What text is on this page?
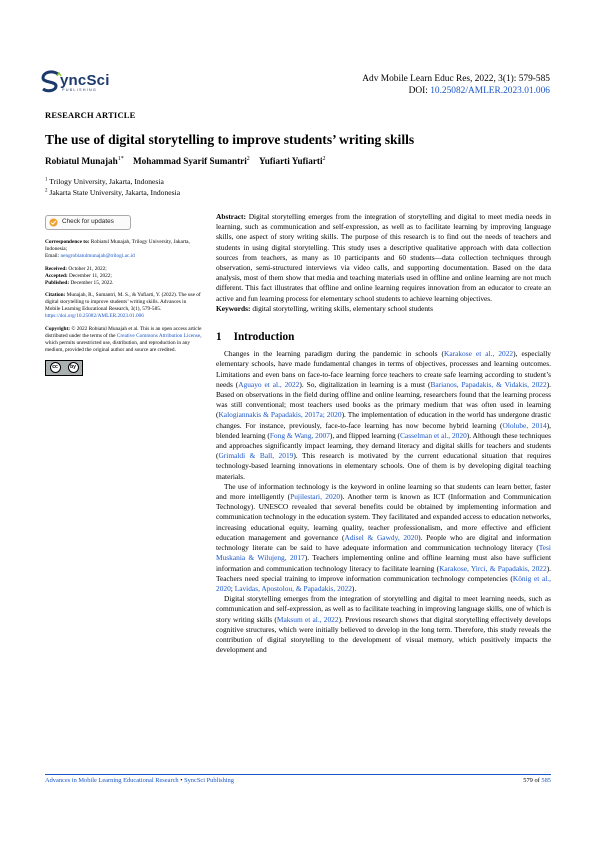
yncSci
PUBLISHING
Adv Mobile Learn Educ Res, 2022, 3(1): 579-585
DOI: 10.25082/AMLER.2023.01.006
RESEARCH ARTICLE
The use of digital storytelling to improve students’ writing skills
Robiatul Munajah$^{1*}$ Mohammad Syarif Sumantri$^2$ Yufiarti Yufiarti$^2$
$^1$ Trilogy University, Jakarta, Indonesia
$^2$ Jakarta State University, Jakarta, Indonesia
Check for updates
Correspondence to: Robiatul Munajah, Trilogy University, Jakarta, Indonesia;
Email: nengrobiatulmunajah@trilogi.ac.id
Received: October 21, 2022;
Accepted: December 11, 2022;
Published: December 15, 2022.
Citation: Munajah, R., Sumantri, M. S., & Yufiarti, Y. (2022). The use of digital storytelling to improve students’ writing skills. Advances in Mobile Learning Educational Research, 3(1), 579-585.
https://doi.org/10.25082/AMLER.2023.01.006
Copyright: © 2022 Robiatul Munajah et al. This is an open access article distributed under the terms of the Creative Commons Attribution License, which permits unrestricted use, distribution, and reproduction in any medium, provided the original author and source are credited.
cc	by

Abstract: Digital storytelling emerges from the integration of storytelling and digital to meet media needs in learning, such as communication and self-expression, as well as to facilitate learning by improving language skills, one aspect of story writing skills. The purpose of this research is to find out the needs of teachers and students in using digital storytelling. This study uses a descriptive qualitative approach with data collection sources from teachers, as many as 10 participants and 60 students—data collection techniques through observation, semi-structured interviews via video calls, and supporting documentation. Based on the data analysis, most of them show that media and teaching materials used in offline and online learning are not much different. This fact illustrates that offline and online learning requires innovation from an educator to create an active and fun learning process for elementary school students to achieve learning objectives.

Keywords: digital storytelling, writing skills, elementary school students

1 Introduction

Changes in the learning paradigm during the pandemic in schools (Karakose et al., 2022), especially elementary schools, have made fundamental changes in terms of objectives, processes and learning outcomes. Limitations and even bans on face-to-face learning force teachers to create safe learning according to student’s needs (Aguayo et al., 2022). So, digitalization in learning is a must (Barianos, Papadakis, & Vidakis, 2022). Based on observations in the field during offline and online learning, researchers found that the learning process was still conventional; most teachers used books as the primary medium that was often used in learning (Kalogiannakis & Papadakis, 2017a; 2020). The implementation of education in the world has undergone drastic changes. For instance, previously, face-to-face learning has now become hybrid learning (Ololube, 2014), blended learning (Fong & Wang, 2007), and flipped learning (Casselman et al., 2020). Although these techniques and approaches significantly impact learning, they demand literacy and digital skills for teachers and students (Grimaldi & Ball, 2019). This research is motivated by the current educational situation that requires technology-based learning innovations in elementary schools. One of them is by developing digital teaching materials.

The use of information technology is the keyword in online learning so that students can learn better, faster and more intelligently (Pujilestari, 2020). Another term is known as ICT (Information and Communication Technology). UNESCO revealed that several benefits could be obtained by implementing information and communication technology in the education system. They facilitated and expanded access to education networks, increasing educational equity, learning quality, teacher professionalism, and more effective and efficient education management and governance (Adisel & Gawdy, 2020). People who are digital and information technology literate can be said to have adequate information and communication technology literacy (Tesi Muskania & Wilujeng, 2017). Teachers implementing online and offline learning must also have sufficient information and communication technology literacy to facilitate learning (Karakose, Yirci, & Papadakis, 2022). Teachers need special training to improve information communication technology competencies (König et al., 2020; Lavidas, Apostolou, & Papadakis, 2022).

Digital storytelling emerges from the integration of storytelling and digital to meet learning needs, such as communication and self-expression, as well as to facilitate teaching in improving language skills, one of which is story writing skills (Maksum et al., 2022). Previous research shows that digital storytelling effectively develops cognitive structures, which were initially believed to develop in the long term. Therefore, this study reveals the contribution of digital storytelling to the development of visual memory, which positively impacts the development and

Advances in Mobile Learning Educational Research • SyncSci Publishing	579 of 585
